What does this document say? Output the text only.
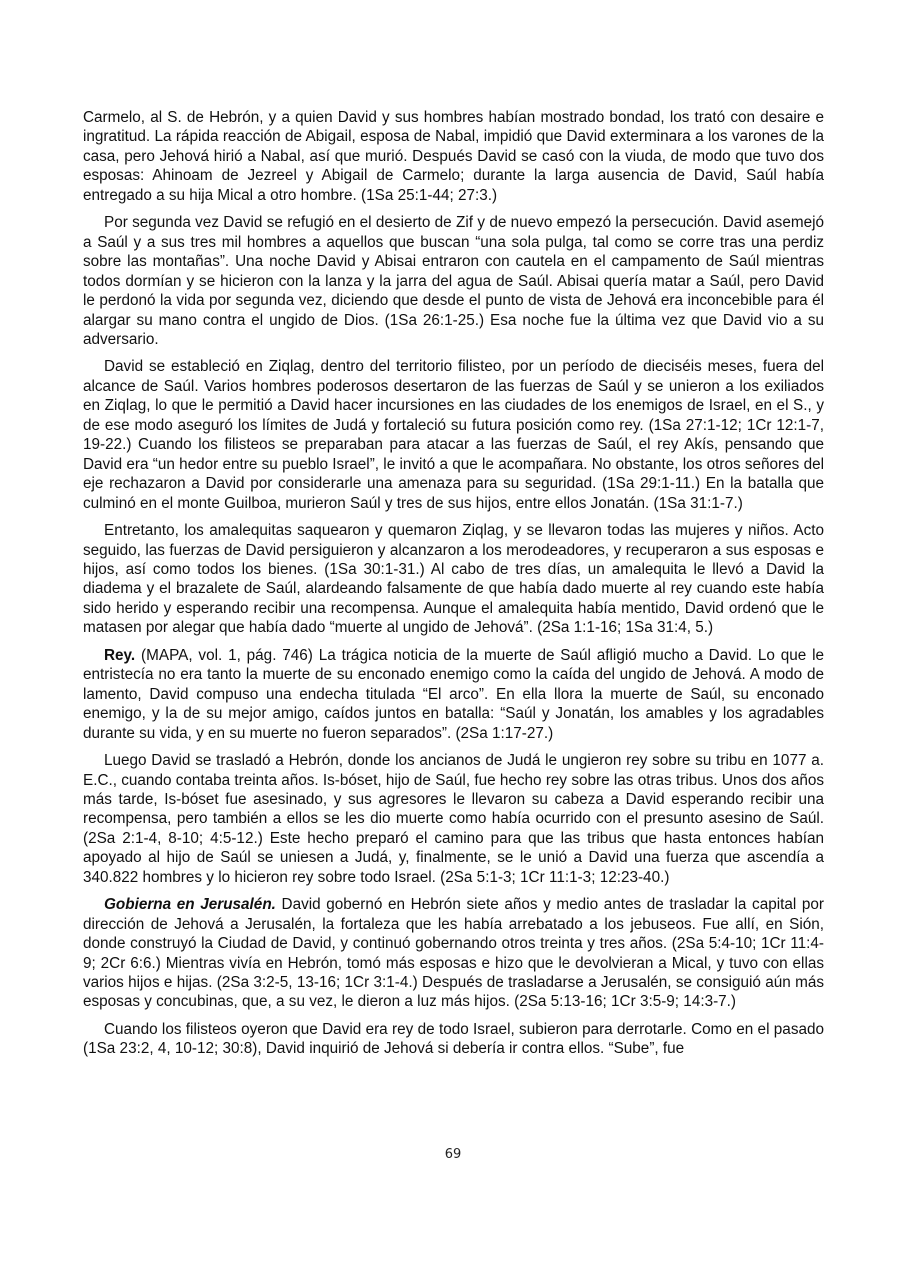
Carmelo, al S. de Hebrón, y a quien David y sus hombres habían mostrado bondad, los trató con desaire e ingratitud. La rápida reacción de Abigail, esposa de Nabal, impidió que David exterminara a los varones de la casa, pero Jehová hirió a Nabal, así que murió. Después David se casó con la viuda, de modo que tuvo dos esposas: Ahinoam de Jezreel y Abigail de Carmelo; durante la larga ausencia de David, Saúl había entregado a su hija Mical a otro hombre. (1Sa 25:1-44; 27:3.)

Por segunda vez David se refugió en el desierto de Zif y de nuevo empezó la persecución. David asemejó a Saúl y a sus tres mil hombres a aquellos que buscan “una sola pulga, tal como se corre tras una perdiz sobre las montañas”. Una noche David y Abisai entraron con cautela en el campamento de Saúl mientras todos dormían y se hicieron con la lanza y la jarra del agua de Saúl. Abisai quería matar a Saúl, pero David le perdonó la vida por segunda vez, diciendo que desde el punto de vista de Jehová era inconcebible para él alargar su mano contra el ungido de Dios. (1Sa 26:1-25.) Esa noche fue la última vez que David vio a su adversario.

David se estableció en Ziqlag, dentro del territorio filisteo, por un período de dieciséis meses, fuera del alcance de Saúl. Varios hombres poderosos desertaron de las fuerzas de Saúl y se unieron a los exiliados en Ziqlag, lo que le permitió a David hacer incursiones en las ciudades de los enemigos de Israel, en el S., y de ese modo aseguró los límites de Judá y fortaleció su futura posición como rey. (1Sa 27:1-12; 1Cr 12:1-7, 19-22.) Cuando los filisteos se preparaban para atacar a las fuerzas de Saúl, el rey Akís, pensando que David era “un hedor entre su pueblo Israel”, le invitó a que le acompañara. No obstante, los otros señores del eje rechazaron a David por considerarle una amenaza para su seguridad. (1Sa 29:1-11.) En la batalla que culminó en el monte Guilboa, murieron Saúl y tres de sus hijos, entre ellos Jonatán. (1Sa 31:1-7.)

Entretanto, los amalequitas saquearon y quemaron Ziqlag, y se llevaron todas las mujeres y niños. Acto seguido, las fuerzas de David persiguieron y alcanzaron a los merodeadores, y recuperaron a sus esposas e hijos, así como todos los bienes. (1Sa 30:1-31.) Al cabo de tres días, un amalequita le llevó a David la diadema y el brazalete de Saúl, alardeando falsamente de que había dado muerte al rey cuando este había sido herido y esperando recibir una recompensa. Aunque el amalequita había mentido, David ordenó que le matasen por alegar que había dado “muerte al ungido de Jehová”. (2Sa 1:1-16; 1Sa 31:4, 5.)

Rey. (MAPA, vol. 1, pág. 746) La trágica noticia de la muerte de Saúl afligió mucho a David. Lo que le entristecía no era tanto la muerte de su enconado enemigo como la caída del ungido de Jehová. A modo de lamento, David compuso una endecha titulada “El arco”. En ella llora la muerte de Saúl, su enconado enemigo, y la de su mejor amigo, caídos juntos en batalla: “Saúl y Jonatán, los amables y los agradables durante su vida, y en su muerte no fueron separados”. (2Sa 1:17-27.)

Luego David se trasladó a Hebrón, donde los ancianos de Judá le ungieron rey sobre su tribu en 1077 a. E.C., cuando contaba treinta años. Is-bóset, hijo de Saúl, fue hecho rey sobre las otras tribus. Unos dos años más tarde, Is-bóset fue asesinado, y sus agresores le llevaron su cabeza a David esperando recibir una recompensa, pero también a ellos se les dio muerte como había ocurrido con el presunto asesino de Saúl. (2Sa 2:1-4, 8-10; 4:5-12.) Este hecho preparó el camino para que las tribus que hasta entonces habían apoyado al hijo de Saúl se uniesen a Judá, y, finalmente, se le unió a David una fuerza que ascendía a 340.822 hombres y lo hicieron rey sobre todo Israel. (2Sa 5:1-3; 1Cr 11:1-3; 12:23-40.)

Gobierna en Jerusalén. David gobernó en Hebrón siete años y medio antes de trasladar la capital por dirección de Jehová a Jerusalén, la fortaleza que les había arrebatado a los jebuseos. Fue allí, en Sión, donde construyó la Ciudad de David, y continuó gobernando otros treinta y tres años. (2Sa 5:4-10; 1Cr 11:4-9; 2Cr 6:6.) Mientras vivía en Hebrón, tomó más esposas e hizo que le devolvieran a Mical, y tuvo con ellas varios hijos e hijas. (2Sa 3:2-5, 13-16; 1Cr 3:1-4.) Después de trasladarse a Jerusalén, se consiguió aún más esposas y concubinas, que, a su vez, le dieron a luz más hijos. (2Sa 5:13-16; 1Cr 3:5-9; 14:3-7.)

Cuando los filisteos oyeron que David era rey de todo Israel, subieron para derrotarle. Como en el pasado (1Sa 23:2, 4, 10-12; 30:8), David inquirió de Jehová si debería ir contra ellos. “Sube”, fue

69
